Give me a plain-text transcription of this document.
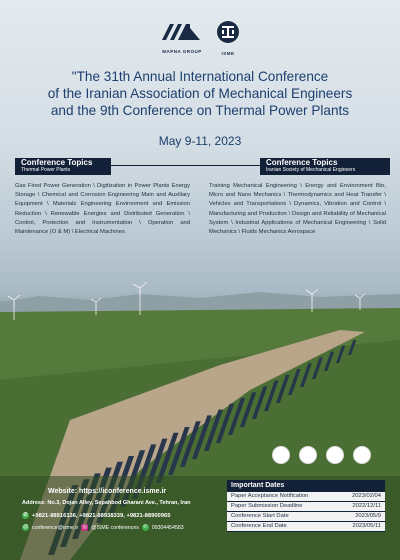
MAPNA GROUP	ISME
"The 31th Annual International Conference
of the Iranian Association of Mechanical Engineers
and the 9th Conference on Thermal Power Plants
May 9-11, 2023
Conference Topics
Thermal Power Plants
Conference Topics
Iranian Society of Mechanical Engineers
Gas Fired Power Generation \ Digitization in Power Plants Energy Storage \ Chemical and Corrosion Engineering Main and Auxiliary Equipment \ Materials Engineering Environment and Emission Reduction \ Renewable Energies and Distributed Generation \ Control, Protection and Instrumentation \ Operation and Maintenance (O & M) \ Electrical Machines
Training Mechanical Engineering \ Energy and Environment Bio, Micro and Nano Mechanics \ Thermodynamics and Heat Transfer \ Vehicles and Transportations \ Dynamics, Vibration and Control \ Manufacturing and Production \ Design and Reliability of Mechanical System \ Industrial Applications of Mechanical Engineering \ Solid Mechanics \ Fluids Mechanics Aerospace
Website: https://iconference.isme.ir
Address: No.3, Dojan Alley, Sepahbod Gharani Ave., Tehran, Iran
✆ +9821-88916136, +9821-88938339, +9821-88900965
@ conference@isme.ir ◎ @ISME conferences ✆ 09304454583
Important Dates
Paper Acceptance Notification	2023/02/04
Paper Submission Deadline	2022/12/11
Conference Start Date	2023/05/9
Conference End Date	2023/05/11
